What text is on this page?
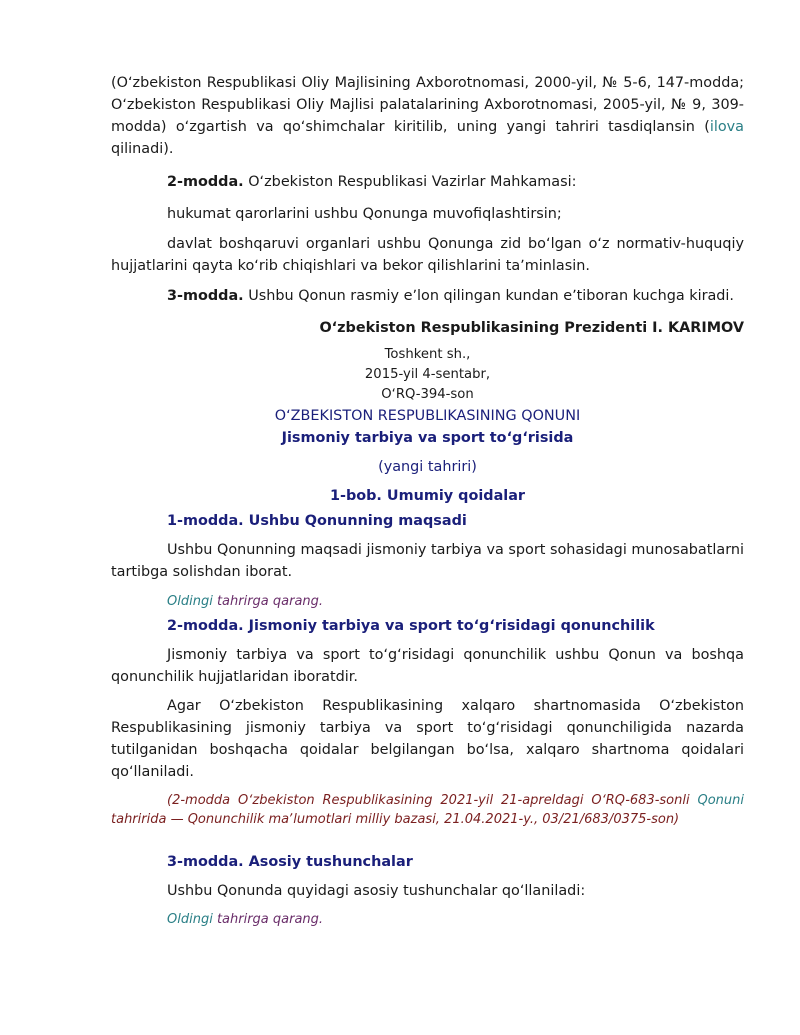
(Oʻzbekiston Respublikasi Oliy Majlisining Axborotnomasi, 2000-yil, № 5-6, 147-modda; Oʻzbekiston Respublikasi Oliy Majlisi palatalarining Axborotnomasi, 2005-yil, № 9, 309-modda) oʻzgartish va qoʻshimchalar kiritilib, uning yangi tahriri tasdiqlansin (ilova qilinadi).

2-modda. Oʻzbekiston Respublikasi Vazirlar Mahkamasi:

hukumat qarorlarini ushbu Qonunga muvofiqlashtirsin;

davlat boshqaruvi organlari ushbu Qonunga zid boʻlgan oʻz normativ-huquqiy hujjatlarini qayta koʻrib chiqishlari va bekor qilishlarini taʼminlasin.

3-modda. Ushbu Qonun rasmiy eʼlon qilingan kundan eʼtiboran kuchga kiradi.

Oʻzbekiston Respublikasining Prezidenti I. KARIMOV

Toshkent sh.,

2015-yil 4-sentabr,

OʻRQ-394-son

OʻZBEKISTON RESPUBLIKASINING QONUNI

Jismoniy tarbiya va sport toʻgʻrisida

(yangi tahriri)

1-bob. Umumiy qoidalar

1-modda. Ushbu Qonunning maqsadi

Ushbu Qonunning maqsadi jismoniy tarbiya va sport sohasidagi munosabatlarni tartibga solishdan iborat.

Oldingi tahrirga qarang.

2-modda. Jismoniy tarbiya va sport toʻgʻrisidagi qonunchilik

Jismoniy tarbiya va sport toʻgʻrisidagi qonunchilik ushbu Qonun va boshqa qonunchilik hujjatlaridan iboratdir.

Agar Oʻzbekiston Respublikasining xalqaro shartnomasida Oʻzbekiston Respublikasining jismoniy tarbiya va sport toʻgʻrisidagi qonunchiligida nazarda tutilganidan boshqacha qoidalar belgilangan boʻlsa, xalqaro shartnoma qoidalari qoʻllaniladi.

(2-modda Oʻzbekiston Respublikasining 2021-yil 21-apreldagi OʻRQ-683-sonli Qonuni tahririda — Qonunchilik maʼlumotlari milliy bazasi, 21.04.2021-y., 03/21/683/0375-son)

3-modda. Asosiy tushunchalar

Ushbu Qonunda quyidagi asosiy tushunchalar qoʻllaniladi:

Oldingi tahrirga qarang.
